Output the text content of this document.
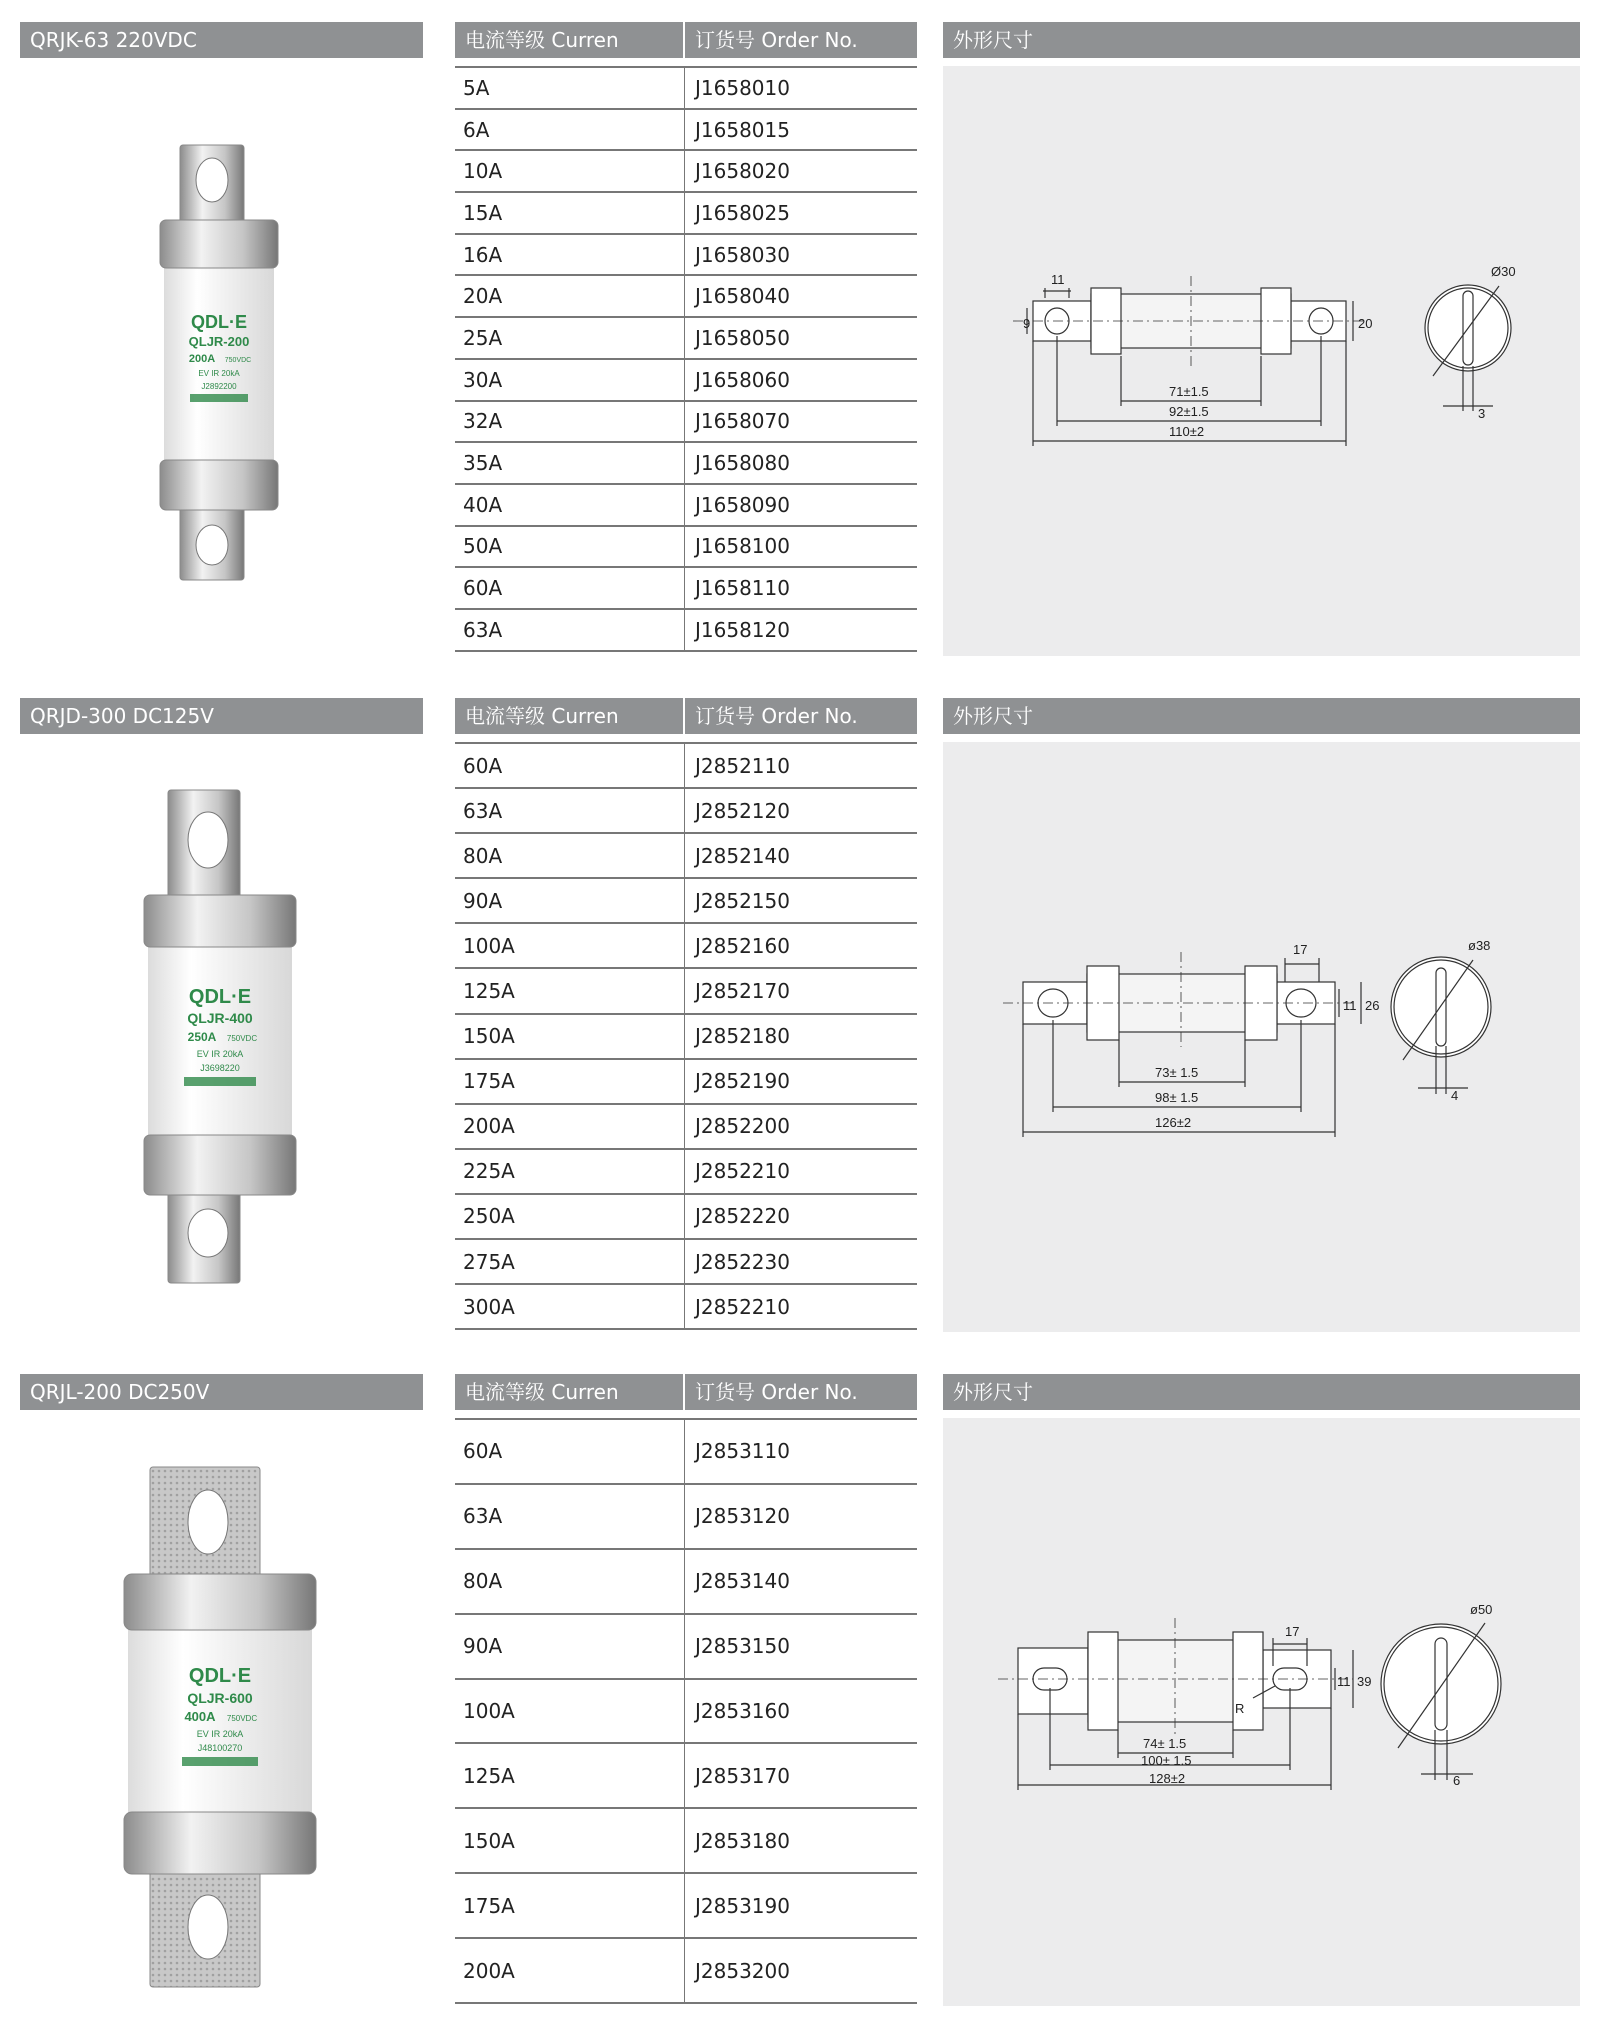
QRJK-63 220VDC	电流等级 Curren	订货号 Order No.	外形尺寸
QDL·E
QLJR-200
200A 750VDC
EV IR 20kA
J2892200
5A	J1658010
6A	J1658015
10A	J1658020
15A	J1658025
16A	J1658030
20A	J1658040
25A	J1658050
30A	J1658060
32A	J1658070
35A	J1658080
40A	J1658090
50A	J1658100
60A	J1658110
63A	J1658120
11
9	20
Ø30
3
71±1.5
92±1.5
110±2
QRJD-300 DC125V	电流等级 Curren	订货号 Order No.	外形尺寸
QDL·E
QLJR-400
250A 750VDC
EV IR 20kA
J3698220
60A	J2852110
63A	J2852120
80A	J2852140
90A	J2852150
100A	J2852160
125A	J2852170
150A	J2852180
175A	J2852190
200A	J2852200
225A	J2852210
250A	J2852220
275A	J2852230
300A	J2852210
17
11 26
ø38
4
73± 1.5
98± 1.5
126±2
QRJL-200 DC250V	电流等级 Curren	订货号 Order No.	外形尺寸
QDL·E
QLJR-600
400A 750VDC
EV IR 20kA
J48100270
60A	J2853110
63A	J2853120
80A	J2853140
90A	J2853150
100A	J2853160
125A	J2853170
150A	J2853180
175A	J2853190
200A	J2853200
17
11 39
ø50
6
R
74± 1.5
100± 1.5
128±2
